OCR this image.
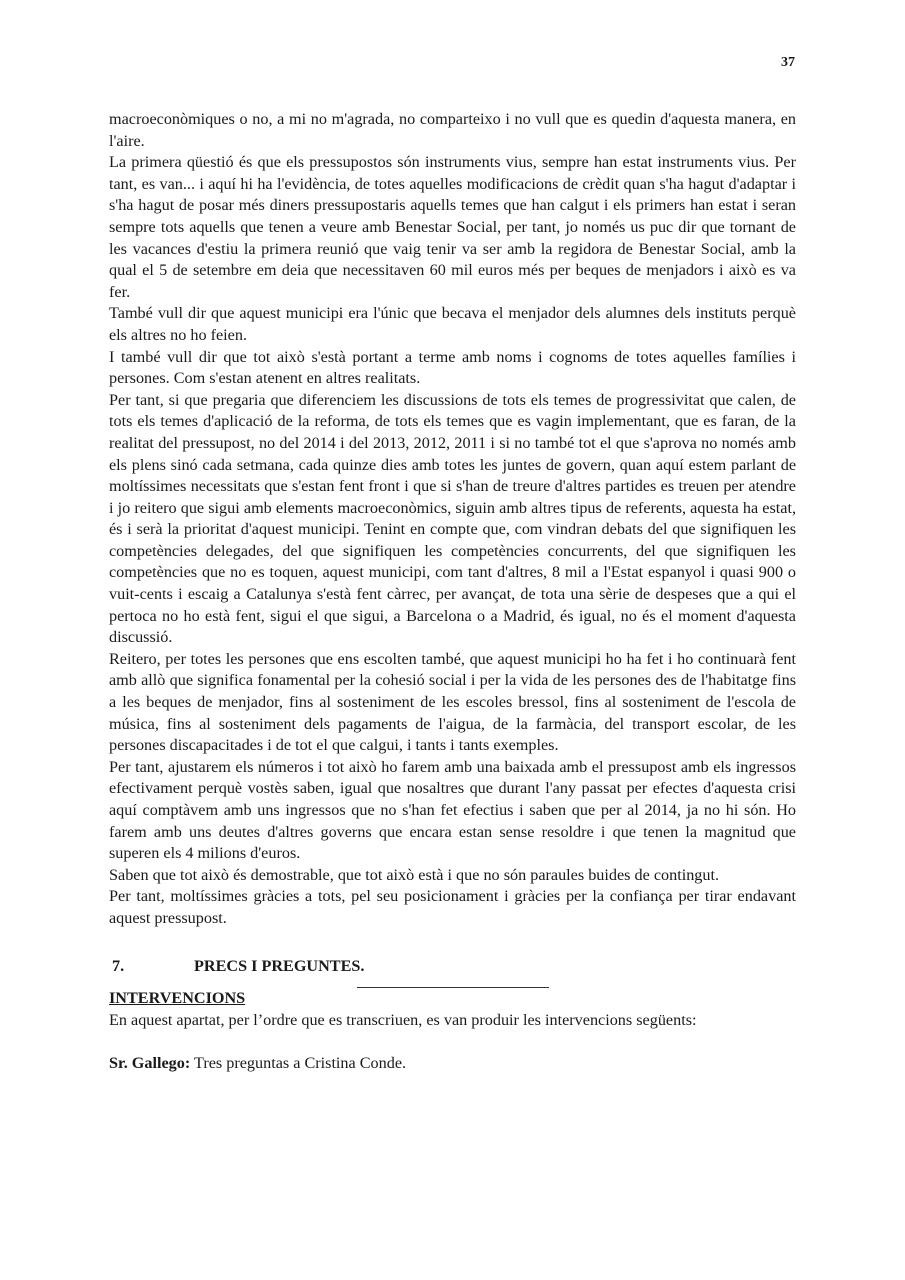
37

macroeconòmiques o no, a mi no m'agrada, no comparteixo i no vull que es quedin d'aquesta manera, en l'aire.

La primera qüestió és que els pressupostos són instruments vius, sempre han estat instruments vius. Per tant, es van... i aquí hi ha l'evidència, de totes aquelles modificacions de crèdit quan s'ha hagut d'adaptar i s'ha hagut de posar més diners pressupostaris aquells temes que han calgut i els primers han estat i seran sempre tots aquells que tenen a veure amb Benestar Social, per tant, jo només us puc dir que tornant de les vacances d'estiu la primera reunió que vaig tenir va ser amb la regidora de Benestar Social, amb la qual el 5 de setembre em deia que necessitaven 60 mil euros més per beques de menjadors i això es va fer.

També vull dir que aquest municipi era l'únic que becava el menjador dels alumnes dels instituts perquè els altres no ho feien.

I també vull dir que tot això s'està portant a terme amb noms i cognoms de totes aquelles famílies i persones. Com s'estan atenent en altres realitats.

Per tant, si que pregaria que diferenciem les discussions de tots els temes de progressivitat que calen, de tots els temes d'aplicació de la reforma, de tots els temes que es vagin implementant, que es faran, de la realitat del pressupost, no del 2014 i del 2013, 2012, 2011 i si no també tot el que s'aprova no només amb els plens sinó cada setmana, cada quinze dies amb totes les juntes de govern, quan aquí estem parlant de moltíssimes necessitats que s'estan fent front i que si s'han de treure d'altres partides es treuen per atendre i jo reitero que sigui amb elements macroeconòmics, siguin amb altres tipus de referents, aquesta ha estat, és i serà la prioritat d'aquest municipi. Tenint en compte que, com vindran debats del que signifiquen les competències delegades, del que signifiquen les competències concurrents, del que signifiquen les competències que no es toquen, aquest municipi, com tant d'altres, 8 mil a l'Estat espanyol i quasi 900 o vuit-cents i escaig a Catalunya s'està fent càrrec, per avançat, de tota una sèrie de despeses que a qui el pertoca no ho està fent, sigui el que sigui, a Barcelona o a Madrid, és igual, no és el moment d'aquesta discussió.

Reitero, per totes les persones que ens escolten també, que aquest municipi ho ha fet i ho continuarà fent amb allò que significa fonamental per la cohesió social i per la vida de les persones des de l'habitatge fins a les beques de menjador, fins al sosteniment de les escoles bressol, fins al sosteniment de l'escola de música, fins al sosteniment dels pagaments de l'aigua, de la farmàcia, del transport escolar, de les persones discapacitades i de tot el que calgui, i tants i tants exemples.

Per tant, ajustarem els números i tot això ho farem amb una baixada amb el pressupost amb els ingressos efectivament perquè vostès saben, igual que nosaltres que durant l'any passat per efectes d'aquesta crisi aquí comptàvem amb uns ingressos que no s'han fet efectius i saben que per al 2014, ja no hi són. Ho farem amb uns deutes d'altres governs que encara estan sense resoldre i que tenen la magnitud que superen els 4 milions d'euros.

Saben que tot això és demostrable, que tot això està i que no són paraules buides de contingut.

Per tant, moltíssimes gràcies a tots, pel seu posicionament i gràcies per la confiança per tirar endavant aquest pressupost.

7.	PRECS I PREGUNTES.

INTERVENCIONS

En aquest apartat, per l’ordre que es transcriuen, es van produir les intervencions següents:

Sr. Gallego: Tres preguntas a Cristina Conde.
